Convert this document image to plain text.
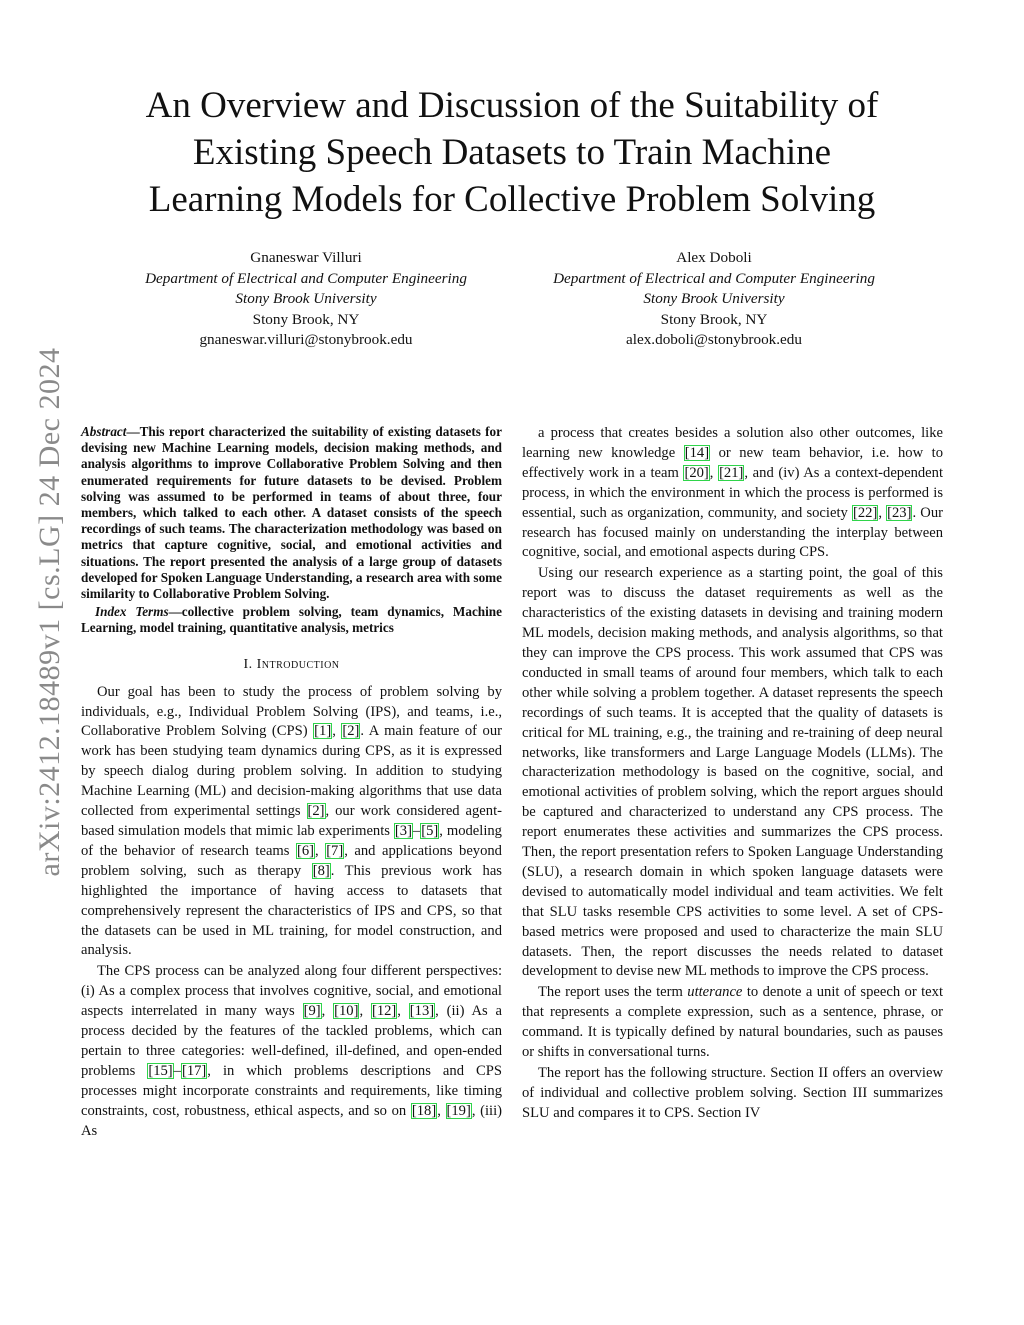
arXiv:2412.18489v1 [cs.LG] 24 Dec 2024
An Overview and Discussion of the Suitability of
Existing Speech Datasets to Train Machine
Learning Models for Collective Problem Solving
Gnaneswar Villuri
Department of Electrical and Computer Engineering
Stony Brook University
Stony Brook, NY
gnaneswar.villuri@stonybrook.edu
Alex Doboli
Department of Electrical and Computer Engineering
Stony Brook University
Stony Brook, NY
alex.doboli@stonybrook.edu

Abstract—This report characterized the suitability of existing datasets for devising new Machine Learning models, decision making methods, and analysis algorithms to improve Collaborative Problem Solving and then enumerated requirements for future datasets to be devised. Problem solving was assumed to be performed in teams of about three, four members, which talked to each other. A dataset consists of the speech recordings of such teams. The characterization methodology was based on metrics that capture cognitive, social, and emotional activities and situations. The report presented the analysis of a large group of datasets developed for Spoken Language Understanding, a research area with some similarity to Collaborative Problem Solving.

Index Terms—collective problem solving, team dynamics, Machine Learning, model training, quantitative analysis, metrics

I. Introduction

Our goal has been to study the process of problem solving by individuals, e.g., Individual Problem Solving (IPS), and teams, i.e., Collaborative Problem Solving (CPS) [1], [2]. A main feature of our work has been studying team dynamics during CPS, as it is expressed by speech dialog during problem solving. In addition to studying Machine Learning (ML) and decision-making algorithms that use data collected from experimental settings [2], our work considered agent-based simulation models that mimic lab experiments [3]–[5], modeling of the behavior of research teams [6], [7], and applications beyond problem solving, such as therapy [8]. This previous work has highlighted the importance of having access to datasets that comprehensively represent the characteristics of IPS and CPS, so that the datasets can be used in ML training, for model construction, and analysis.

The CPS process can be analyzed along four different perspectives: (i) As a complex process that involves cognitive, social, and emotional aspects interrelated in many ways [9], [10], [12], [13], (ii) As a process decided by the features of the tackled problems, which can pertain to three categories: well-defined, ill-defined, and open-ended problems [15]–[17], in which problems descriptions and CPS processes might incorporate constraints and requirements, like timing constraints, cost, robustness, ethical aspects, and so on [18], [19], (iii) As

a process that creates besides a solution also other outcomes, like learning new knowledge [14] or new team behavior, i.e. how to effectively work in a team [20], [21], and (iv) As a context-dependent process, in which the environment in which the process is performed is essential, such as organization, community, and society [22], [23]. Our research has focused mainly on understanding the interplay between cognitive, social, and emotional aspects during CPS.

Using our research experience as a starting point, the goal of this report was to discuss the dataset requirements as well as the characteristics of the existing datasets in devising and training modern ML models, decision making methods, and analysis algorithms, so that they can improve the CPS process. This work assumed that CPS was conducted in small teams of around four members, which talk to each other while solving a problem together. A dataset represents the speech recordings of such teams. It is accepted that the quality of datasets is critical for ML training, e.g., the training and re-training of deep neural networks, like transformers and Large Language Models (LLMs). The characterization methodology is based on the cognitive, social, and emotional activities of problem solving, which the report argues should be captured and characterized to understand any CPS process. The report enumerates these activities and summarizes the CPS process. Then, the report presentation refers to Spoken Language Understanding (SLU), a research domain in which spoken language datasets were devised to automatically model individual and team activities. We felt that SLU tasks resemble CPS activities to some level. A set of CPS-based metrics were proposed and used to characterize the main SLU datasets. Then, the report discusses the needs related to dataset development to devise new ML methods to improve the CPS process.

The report uses the term utterance to denote a unit of speech or text that represents a complete expression, such as a sentence, phrase, or command. It is typically defined by natural boundaries, such as pauses or shifts in conversational turns.

The report has the following structure. Section II offers an overview of individual and collective problem solving. Section III summarizes SLU and compares it to CPS. Section IV
